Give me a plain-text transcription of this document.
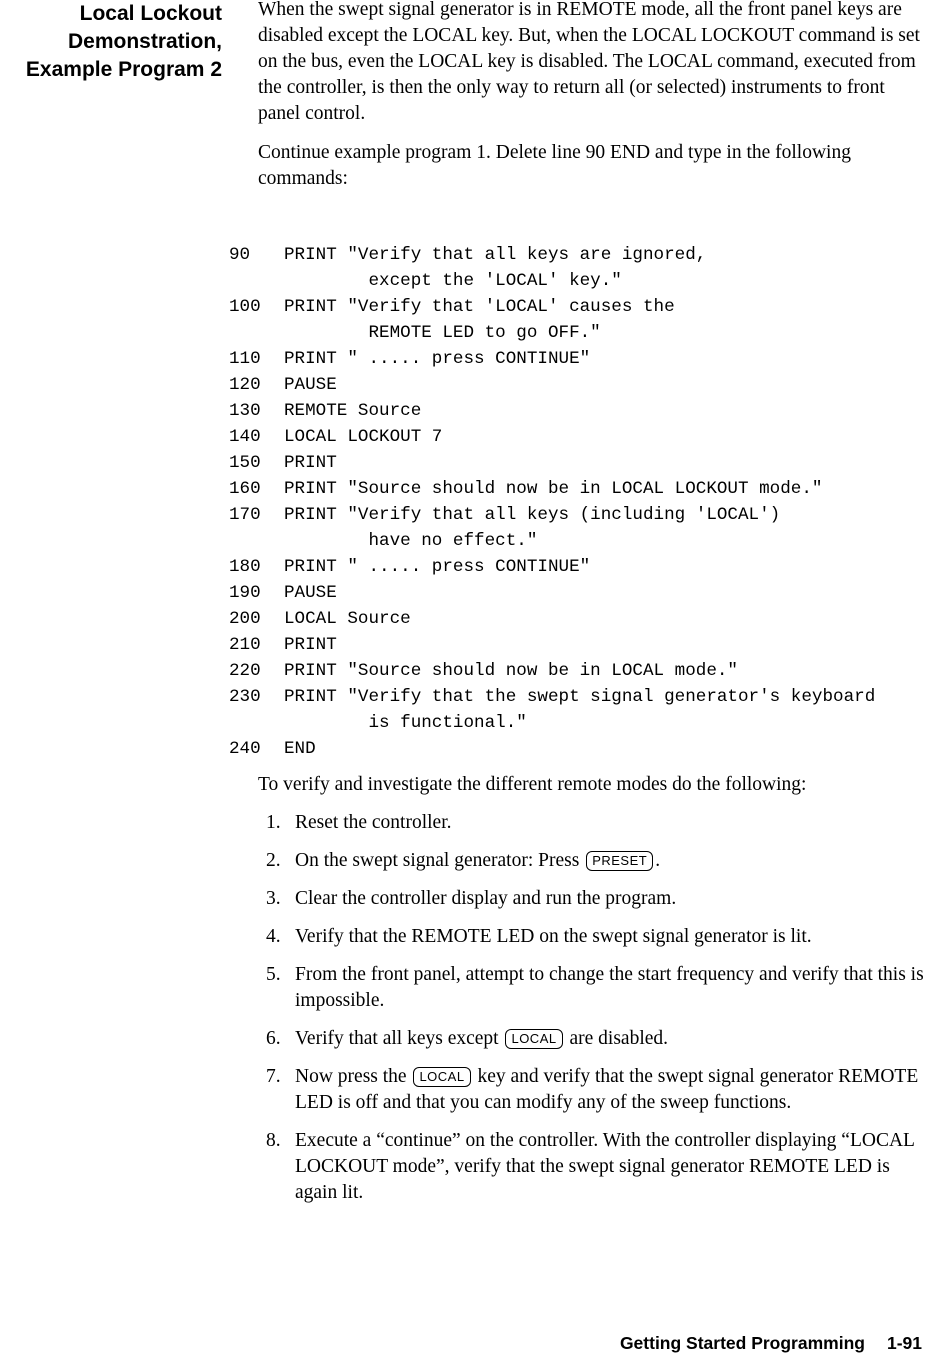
Local Lockout
Demonstration,
Example Program 2

When the swept signal generator is in REMOTE mode, all the front panel keys are disabled except the LOCAL key. But, when the LOCAL LOCKOUT command is set on the bus, even the LOCAL key is disabled. The LOCAL command, executed from the controller, is then the only way to return all (or selected) instruments to front panel control.

Continue example program 1. Delete line 90 END and type in the following commands:

90	PRINT "Verify that all keys are ignored,
except the 'LOCAL' key."
100	PRINT "Verify that 'LOCAL' causes the
REMOTE LED to go OFF."
110	PRINT " ..... press CONTINUE"
120	PAUSE
130	REMOTE Source
140	LOCAL LOCKOUT 7
150	PRINT
160	PRINT "Source should now be in LOCAL LOCKOUT mode."
170	PRINT "Verify that all keys (including 'LOCAL')
have no effect."
180	PRINT " ..... press CONTINUE"
190	PAUSE
200	LOCAL Source
210	PRINT
220	PRINT "Source should now be in LOCAL mode."
230	PRINT "Verify that the swept signal generator's keyboard
is functional."
240	END
To verify and investigate the different remote modes do the following:
1. Reset the controller.
2. On the swept signal generator: Press PRESET .
3. Clear the controller display and run the program.
4. Verify that the REMOTE LED on the swept signal generator is lit.
5. From the front panel, attempt to change the start frequency and verify that this is impossible.
6. Verify that all keys except LOCAL are disabled.
7. Now press the LOCAL key and verify that the swept signal generator REMOTE LED is off and that you can modify any of the sweep functions.
8. Execute a “continue” on the controller. With the controller displaying “LOCAL LOCKOUT mode”, verify that the swept signal generator REMOTE LED is again lit.
Getting Started Programming 1-91
